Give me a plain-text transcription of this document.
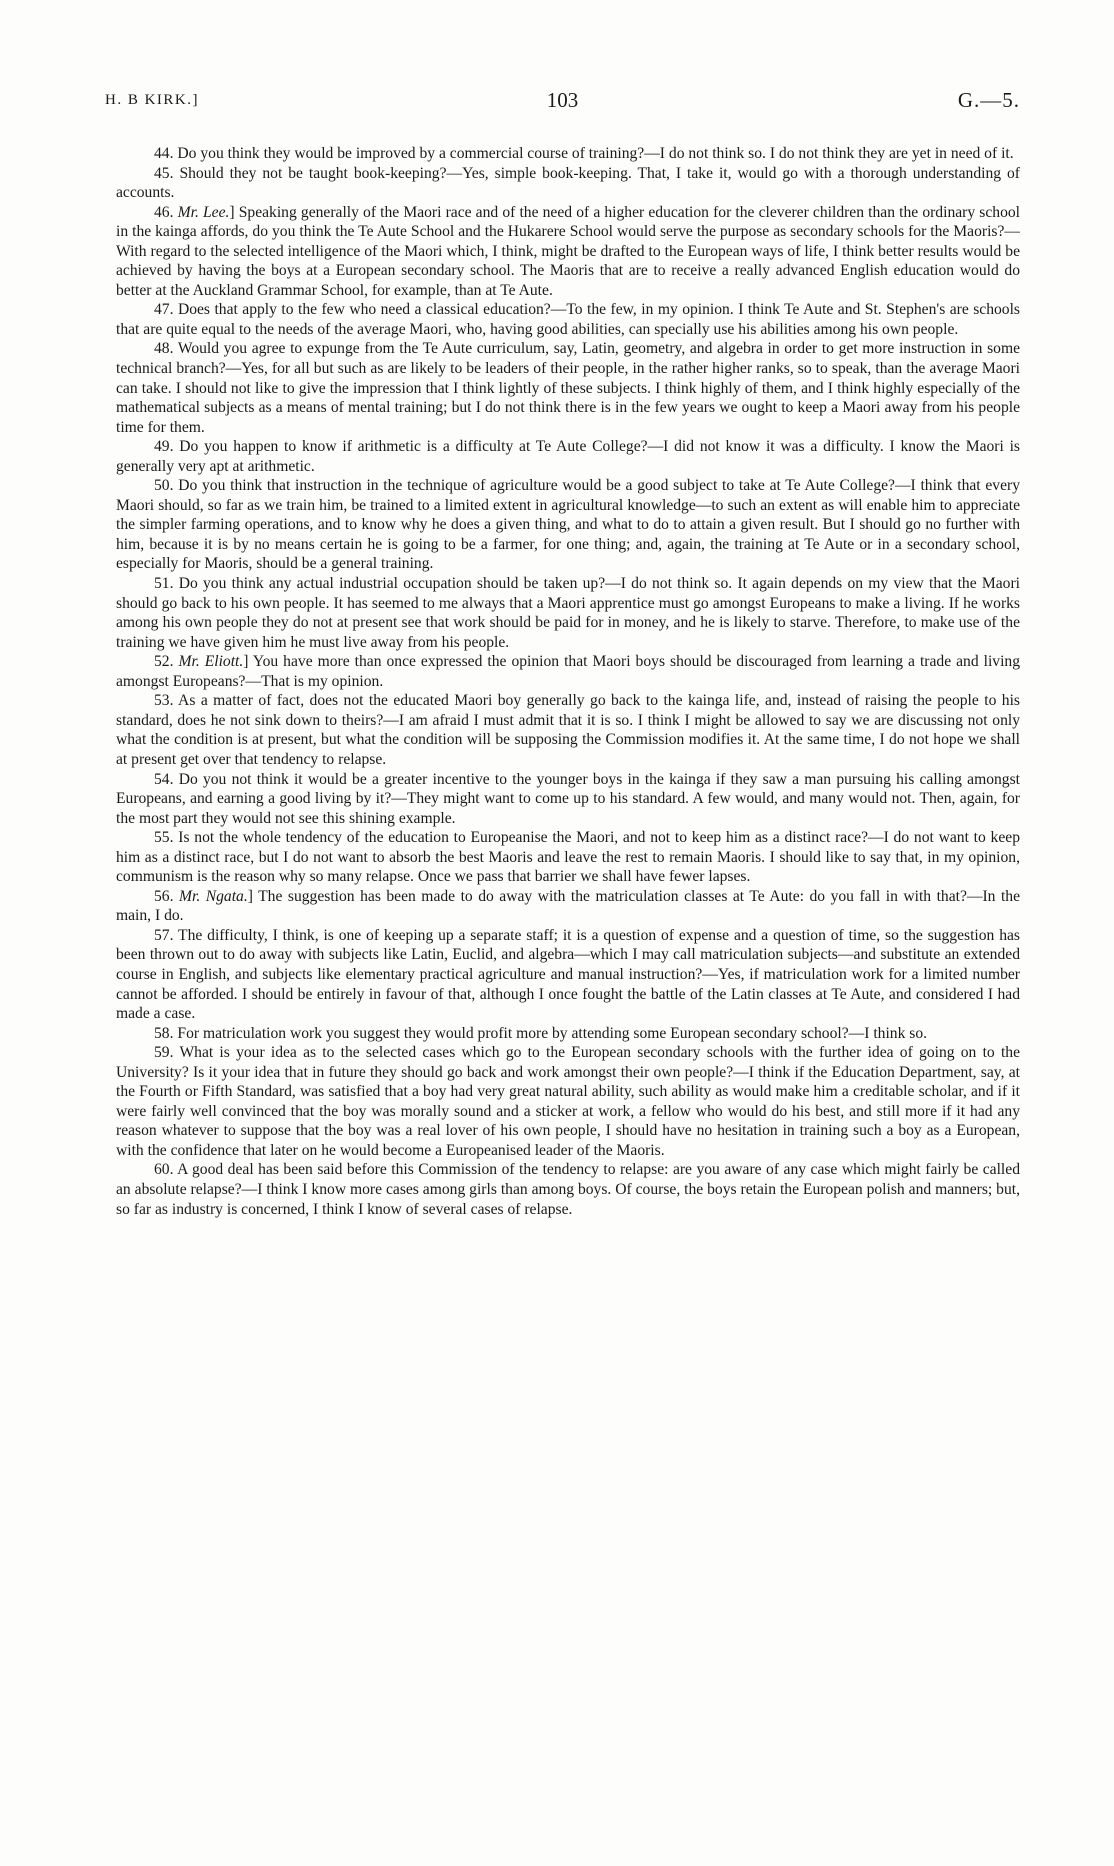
H. B KIRK.]	103	G.—5.

44. Do you think they would be improved by a commercial course of training?—I do not think so. I do not think they are yet in need of it.

45. Should they not be taught book-keeping?—Yes, simple book-keeping. That, I take it, would go with a thorough understanding of accounts.

46. Mr. Lee.] Speaking generally of the Maori race and of the need of a higher education for the cleverer children than the ordinary school in the kainga affords, do you think the Te Aute School and the Hukarere School would serve the purpose as secondary schools for the Maoris?—With regard to the selected intelligence of the Maori which, I think, might be drafted to the European ways of life, I think better results would be achieved by having the boys at a European secondary school. The Maoris that are to receive a really advanced English education would do better at the Auckland Grammar School, for example, than at Te Aute.

47. Does that apply to the few who need a classical education?—To the few, in my opinion. I think Te Aute and St. Stephen's are schools that are quite equal to the needs of the average Maori, who, having good abilities, can specially use his abilities among his own people.

48. Would you agree to expunge from the Te Aute curriculum, say, Latin, geometry, and algebra in order to get more instruction in some technical branch?—Yes, for all but such as are likely to be leaders of their people, in the rather higher ranks, so to speak, than the average Maori can take. I should not like to give the impression that I think lightly of these subjects. I think highly of them, and I think highly especially of the mathematical subjects as a means of mental training; but I do not think there is in the few years we ought to keep a Maori away from his people time for them.

49. Do you happen to know if arithmetic is a difficulty at Te Aute College?—I did not know it was a difficulty. I know the Maori is generally very apt at arithmetic.

50. Do you think that instruction in the technique of agriculture would be a good subject to take at Te Aute College?—I think that every Maori should, so far as we train him, be trained to a limited extent in agricultural knowledge—to such an extent as will enable him to appreciate the simpler farming operations, and to know why he does a given thing, and what to do to attain a given result. But I should go no further with him, because it is by no means certain he is going to be a farmer, for one thing; and, again, the training at Te Aute or in a secondary school, especially for Maoris, should be a general training.

51. Do you think any actual industrial occupation should be taken up?—I do not think so. It again depends on my view that the Maori should go back to his own people. It has seemed to me always that a Maori apprentice must go amongst Europeans to make a living. If he works among his own people they do not at present see that work should be paid for in money, and he is likely to starve. Therefore, to make use of the training we have given him he must live away from his people.

52. Mr. Eliott.] You have more than once expressed the opinion that Maori boys should be discouraged from learning a trade and living amongst Europeans?—That is my opinion.

53. As a matter of fact, does not the educated Maori boy generally go back to the kainga life, and, instead of raising the people to his standard, does he not sink down to theirs?—I am afraid I must admit that it is so. I think I might be allowed to say we are discussing not only what the condition is at present, but what the condition will be supposing the Commission modifies it. At the same time, I do not hope we shall at present get over that tendency to relapse.

54. Do you not think it would be a greater incentive to the younger boys in the kainga if they saw a man pursuing his calling amongst Europeans, and earning a good living by it?—They might want to come up to his standard. A few would, and many would not. Then, again, for the most part they would not see this shining example.

55. Is not the whole tendency of the education to Europeanise the Maori, and not to keep him as a distinct race?—I do not want to keep him as a distinct race, but I do not want to absorb the best Maoris and leave the rest to remain Maoris. I should like to say that, in my opinion, communism is the reason why so many relapse. Once we pass that barrier we shall have fewer lapses.

56. Mr. Ngata.] The suggestion has been made to do away with the matriculation classes at Te Aute: do you fall in with that?—In the main, I do.

57. The difficulty, I think, is one of keeping up a separate staff; it is a question of expense and a question of time, so the suggestion has been thrown out to do away with subjects like Latin, Euclid, and algebra—which I may call matriculation subjects—and substitute an extended course in English, and subjects like elementary practical agriculture and manual instruction?—Yes, if matriculation work for a limited number cannot be afforded. I should be entirely in favour of that, although I once fought the battle of the Latin classes at Te Aute, and considered I had made a case.

58. For matriculation work you suggest they would profit more by attending some European secondary school?—I think so.

59. What is your idea as to the selected cases which go to the European secondary schools with the further idea of going on to the University? Is it your idea that in future they should go back and work amongst their own people?—I think if the Education Department, say, at the Fourth or Fifth Standard, was satisfied that a boy had very great natural ability, such ability as would make him a creditable scholar, and if it were fairly well convinced that the boy was morally sound and a sticker at work, a fellow who would do his best, and still more if it had any reason whatever to suppose that the boy was a real lover of his own people, I should have no hesitation in training such a boy as a European, with the confidence that later on he would become a Europeanised leader of the Maoris.

60. A good deal has been said before this Commission of the tendency to relapse: are you aware of any case which might fairly be called an absolute relapse?—I think I know more cases among girls than among boys. Of course, the boys retain the European polish and manners; but, so far as industry is concerned, I think I know of several cases of relapse.
